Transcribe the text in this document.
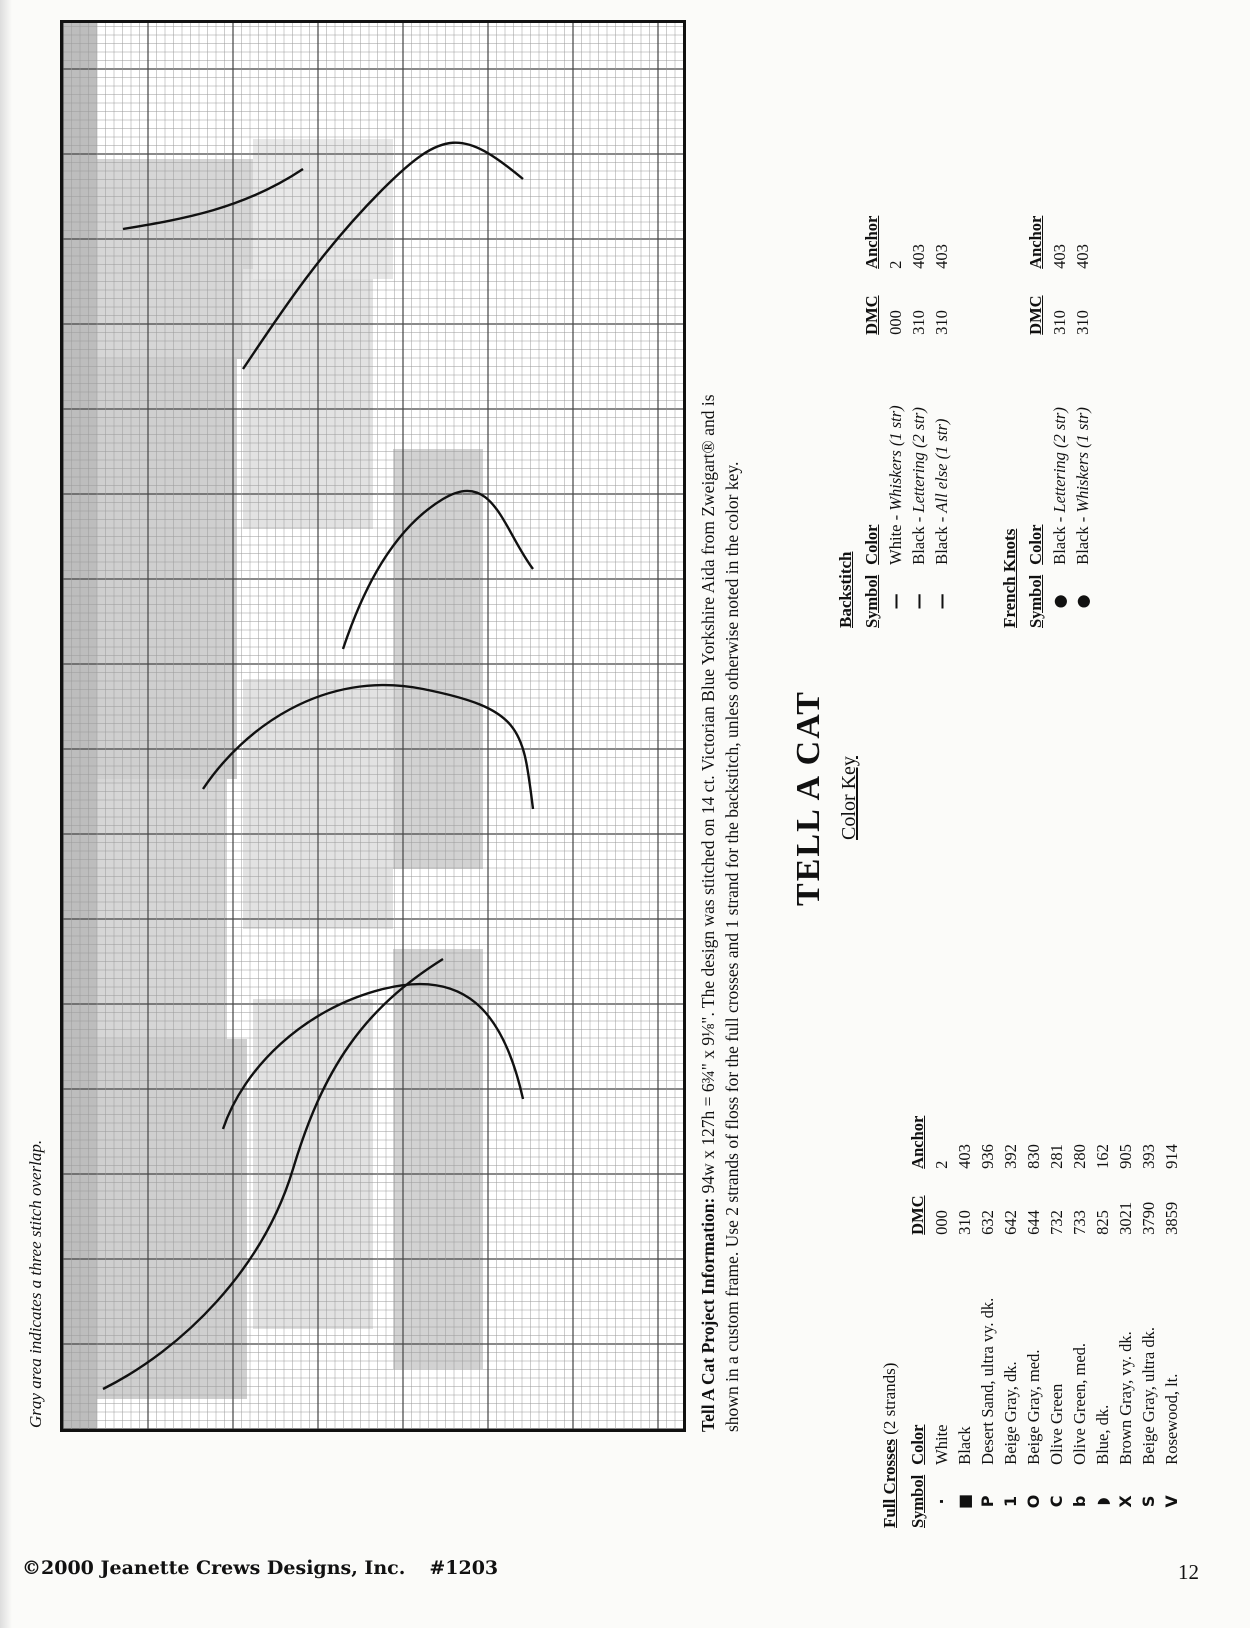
Gray area indicates a three stitch overlap.	Tell A Cat Project Information: 94w x 127h = 6¾" x 9⅛". The design was stitched on 14 ct. Victorian Blue Yorkshire Aida from Zweigart® and is shown in a custom frame. Use 2 strands of floss for the full crosses and 1 strand for the backstitch, unless otherwise noted in the color key. TELL A CAT Color Key
Full Crosses (2 strands)
Symbol	Color	DMC	Anchor
·	White	000	2
■	Black	310	403
P	Desert Sand, ultra vy. dk.	632	936
1	Beige Gray, dk.	642	392
O	Beige Gray, med.	644	830
C	Olive Green	732	281
b	Olive Green, med.	733	280
◗	Blue, dk.	825	162
X	Brown Gray, vy. dk.	3021	905
S	Beige Gray, ultra dk.	3790	393
V	Rosewood, lt.	3859	914
Backstitch Symbol	Color	DMC	Anchor
—	White - Whiskers (1 str)	000	2
—	Black - Lettering (2 str)	310	403
—	Black - All else (1 str)	310	403
French Knots Symbol	Color	DMC	Anchor
●	Black - Lettering (2 str)	310	403
●	Black - Whiskers (1 str)	310	403
©2000 Jeanette Crews Designs, Inc. #1203	12
